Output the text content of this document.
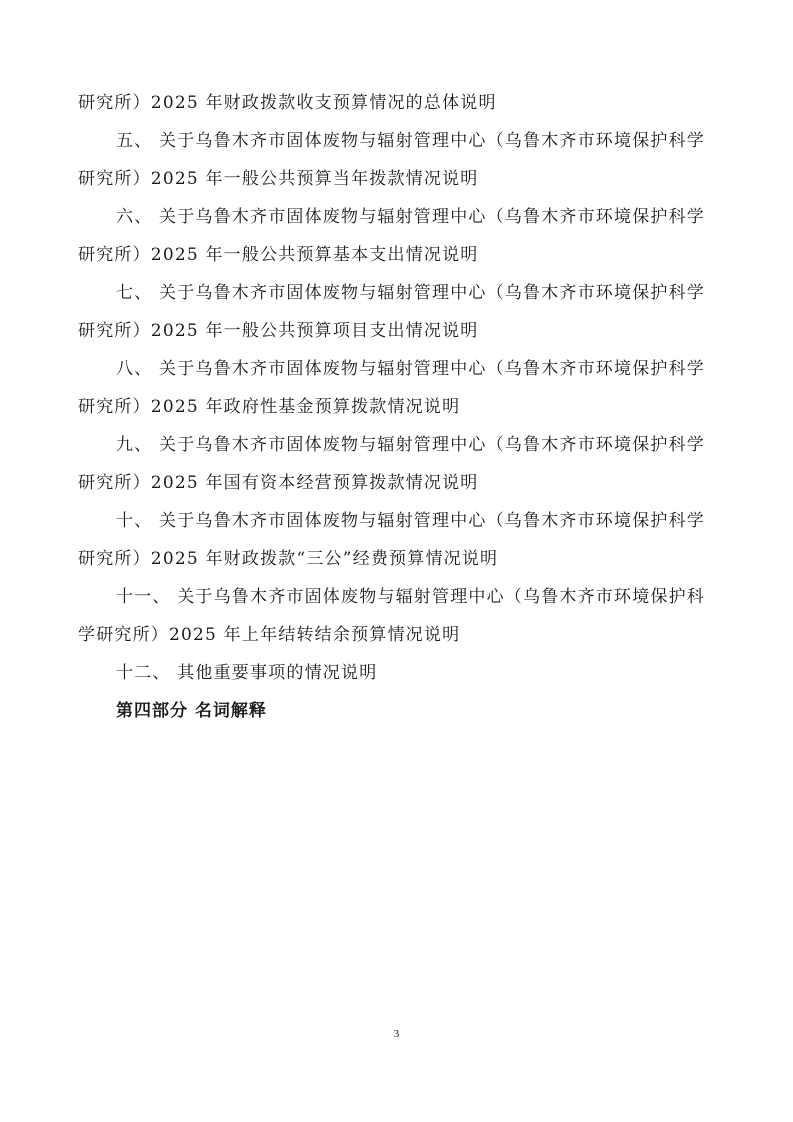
研究所）2025 年财政拨款收支预算情况的总体说明
五、 关于乌鲁木齐市固体废物与辐射管理中心（乌鲁木齐市环境保护科学
研究所）2025 年一般公共预算当年拨款情况说明
六、 关于乌鲁木齐市固体废物与辐射管理中心（乌鲁木齐市环境保护科学
研究所）2025 年一般公共预算基本支出情况说明
七、 关于乌鲁木齐市固体废物与辐射管理中心（乌鲁木齐市环境保护科学
研究所）2025 年一般公共预算项目支出情况说明
八、 关于乌鲁木齐市固体废物与辐射管理中心（乌鲁木齐市环境保护科学
研究所）2025 年政府性基金预算拨款情况说明
九、 关于乌鲁木齐市固体废物与辐射管理中心（乌鲁木齐市环境保护科学
研究所）2025 年国有资本经营预算拨款情况说明
十、 关于乌鲁木齐市固体废物与辐射管理中心（乌鲁木齐市环境保护科学
研究所）2025 年财政拨款“三公”经费预算情况说明
十一、 关于乌鲁木齐市固体废物与辐射管理中心（乌鲁木齐市环境保护科
学研究所）2025 年上年结转结余预算情况说明
十二、 其他重要事项的情况说明
第四部分 名词解释
3
